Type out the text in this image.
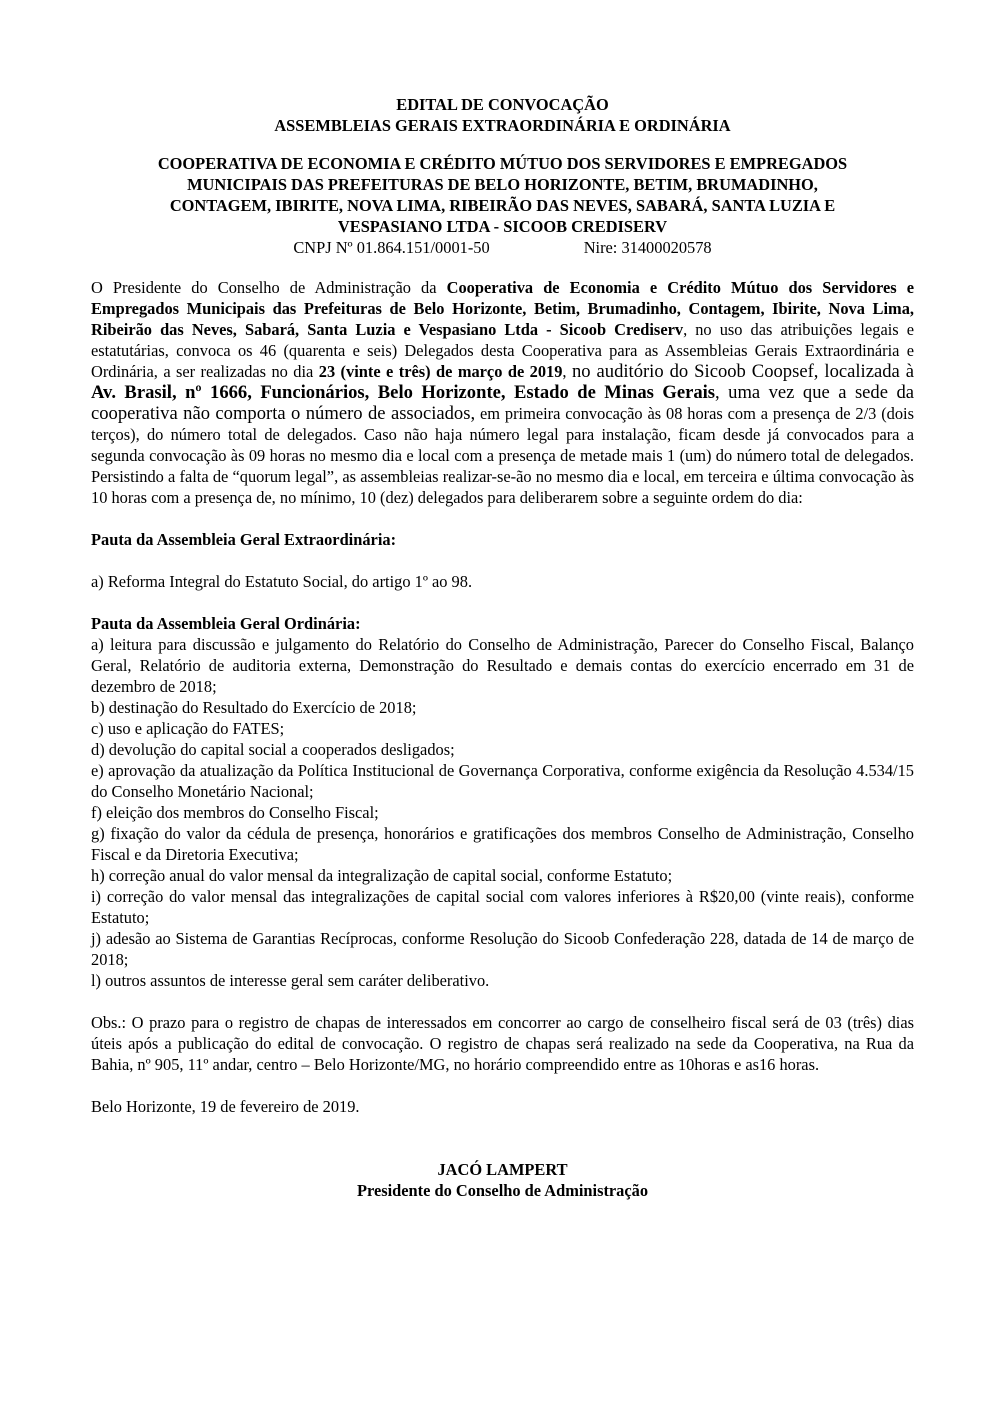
EDITAL DE CONVOCAÇÃO

ASSEMBLEIAS GERAIS EXTRAORDINÁRIA E ORDINÁRIA

COOPERATIVA DE ECONOMIA E CRÉDITO MÚTUO DOS SERVIDORES E EMPREGADOS

MUNICIPAIS DAS PREFEITURAS DE BELO HORIZONTE, BETIM, BRUMADINHO,

CONTAGEM, IBIRITE, NOVA LIMA, RIBEIRÃO DAS NEVES, SABARÁ, SANTA LUZIA E

VESPASIANO LTDA - SICOOB CREDISERV

CNPJ Nº 01.864.151/0001-50	Nire: 31400020578

O Presidente do Conselho de Administração da Cooperativa de Economia e Crédito Mútuo dos Servidores e Empregados Municipais das Prefeituras de Belo Horizonte, Betim, Brumadinho, Contagem, Ibirite, Nova Lima, Ribeirão das Neves, Sabará, Santa Luzia e Vespasiano Ltda - Sicoob Crediserv, no uso das atribuições legais e estatutárias, convoca os 46 (quarenta e seis) Delegados desta Cooperativa para as Assembleias Gerais Extraordinária e Ordinária, a ser realizadas no dia 23 (vinte e três) de março de 2019, no auditório do Sicoob Coopsef, localizada à Av. Brasil, nº 1666, Funcionários, Belo Horizonte, Estado de Minas Gerais, uma vez que a sede da cooperativa não comporta o número de associados, em primeira convocação às 08 horas com a presença de 2/3 (dois terços), do número total de delegados. Caso não haja número legal para instalação, ficam desde já convocados para a segunda convocação às 09 horas no mesmo dia e local com a presença de metade mais 1 (um) do número total de delegados. Persistindo a falta de “quorum legal”, as assembleias realizar-se-ão no mesmo dia e local, em terceira e última convocação às 10 horas com a presença de, no mínimo, 10 (dez) delegados para deliberarem sobre a seguinte ordem do dia:

Pauta da Assembleia Geral Extraordinária:

a) Reforma Integral do Estatuto Social, do artigo 1º ao 98.

Pauta da Assembleia Geral Ordinária:

a) leitura para discussão e julgamento do Relatório do Conselho de Administração, Parecer do Conselho Fiscal, Balanço Geral, Relatório de auditoria externa, Demonstração do Resultado e demais contas do exercício encerrado em 31 de dezembro de 2018;

b) destinação do Resultado do Exercício de 2018;

c) uso e aplicação do FATES;

d) devolução do capital social a cooperados desligados;

e) aprovação da atualização da Política Institucional de Governança Corporativa, conforme exigência da Resolução 4.534/15 do Conselho Monetário Nacional;

f) eleição dos membros do Conselho Fiscal;

g) fixação do valor da cédula de presença, honorários e gratificações dos membros Conselho de Administração, Conselho Fiscal e da Diretoria Executiva;

h) correção anual do valor mensal da integralização de capital social, conforme Estatuto;

i) correção do valor mensal das integralizações de capital social com valores inferiores à R$20,00 (vinte reais), conforme Estatuto;

j) adesão ao Sistema de Garantias Recíprocas, conforme Resolução do Sicoob Confederação 228, datada de 14 de março de 2018;

l) outros assuntos de interesse geral sem caráter deliberativo.

Obs.: O prazo para o registro de chapas de interessados em concorrer ao cargo de conselheiro fiscal será de 03 (três) dias úteis após a publicação do edital de convocação. O registro de chapas será realizado na sede da Cooperativa, na Rua da Bahia, nº 905, 11º andar, centro – Belo Horizonte/MG, no horário compreendido entre as 10horas e as16 horas.

Belo Horizonte, 19 de fevereiro de 2019.

JACÓ LAMPERT

Presidente do Conselho de Administração
